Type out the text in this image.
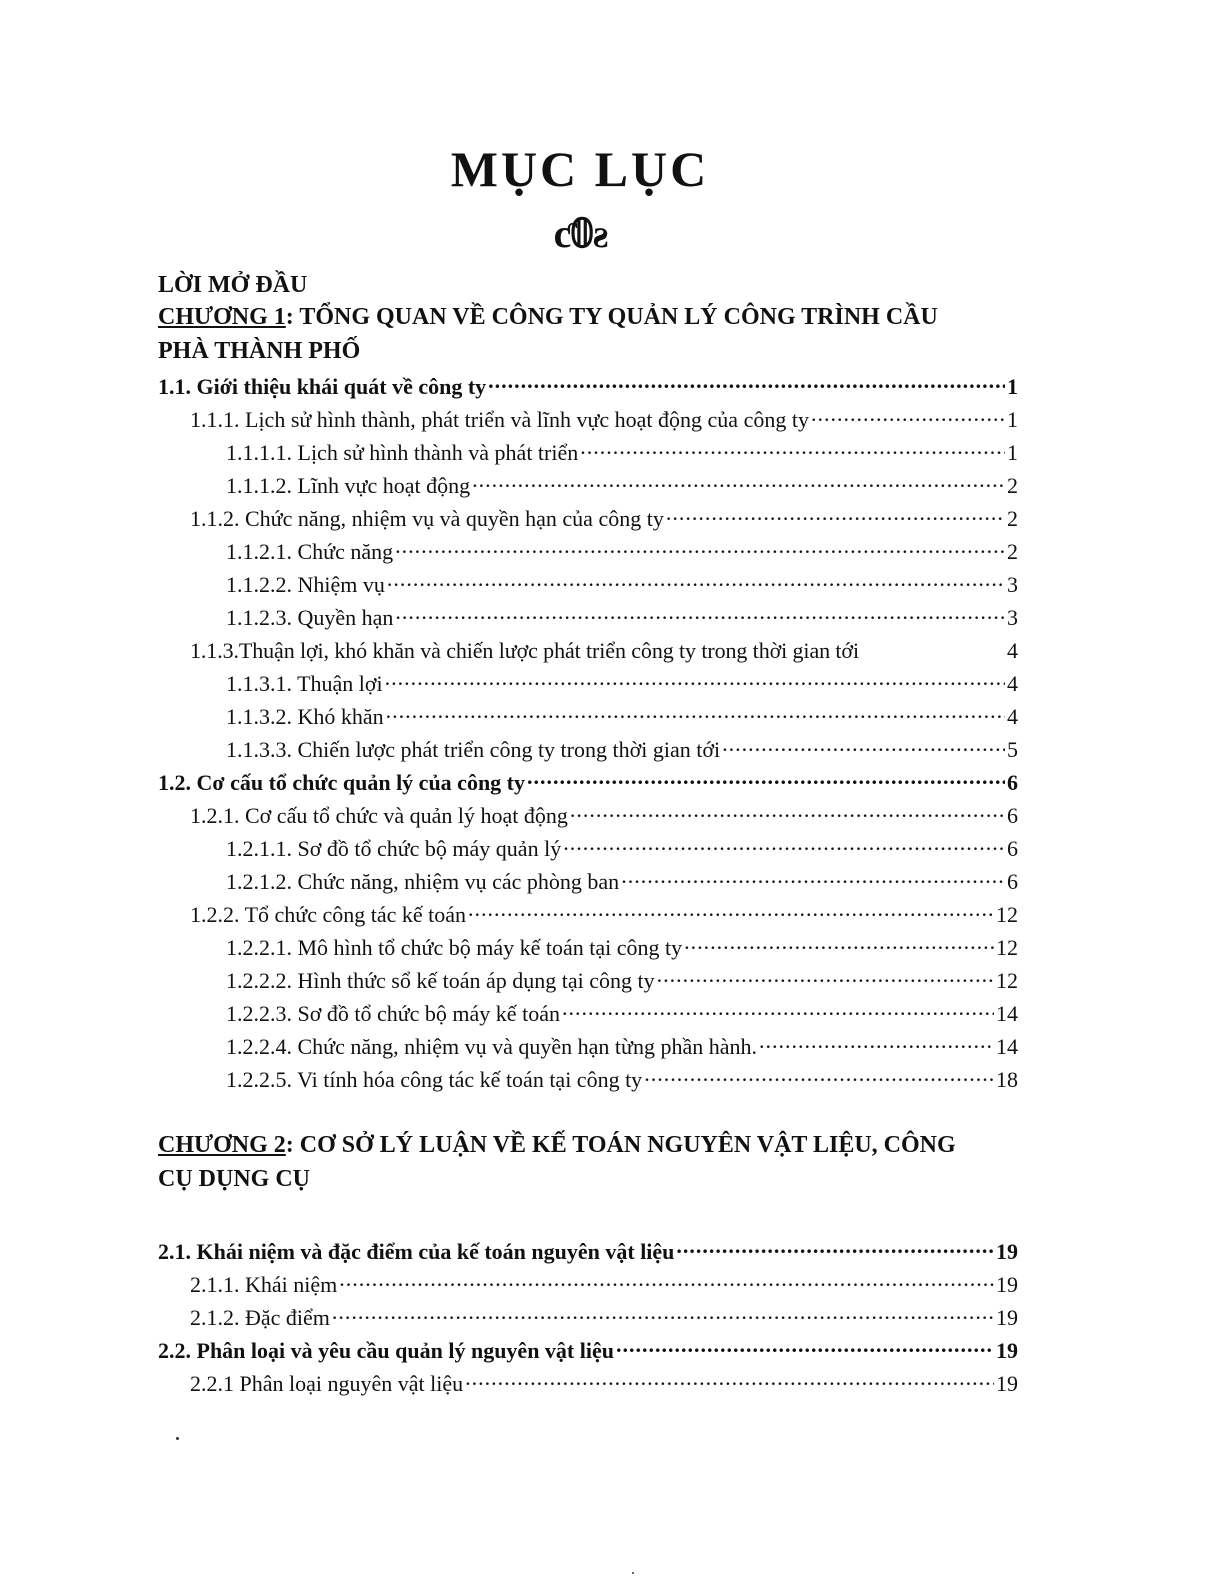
MỤC LỤC
ƈ𝟘ƨ
LỜI MỞ ĐẦU
CHƯƠNG 1: TỔNG QUAN VỀ CÔNG TY QUẢN LÝ CÔNG TRÌNH CẦU
PHÀ THÀNH PHỐ
1.1. Giới thiệu khái quát về công ty .....	1
1.1.1. Lịch sử hình thành, phát triển và lĩnh vực hoạt động của công ty .....	1
1.1.1.1. Lịch sử hình thành và phát triển .....	1
1.1.1.2. Lĩnh vực hoạt động .....	2
1.1.2. Chức năng, nhiệm vụ và quyền hạn của công ty .....	2
1.1.2.1. Chức năng .....	2
1.1.2.2. Nhiệm vụ .....	3
1.1.2.3. Quyền hạn .....	3
1.1.3.Thuận lợi, khó khăn và chiến lược phát triển công ty trong thời gian tới	4
1.1.3.1. Thuận lợi .....	4
1.1.3.2. Khó khăn .....	4
1.1.3.3. Chiến lược phát triển công ty trong thời gian tới .....	5
1.2. Cơ cấu tổ chức quản lý của công ty .....	6
1.2.1. Cơ cấu tổ chức và quản lý hoạt động .....	6
1.2.1.1. Sơ đồ tổ chức bộ máy quản lý .....	6
1.2.1.2. Chức năng, nhiệm vụ các phòng ban .....	6
1.2.2. Tổ chức công tác kế toán .....	12
1.2.2.1. Mô hình tổ chức bộ máy kế toán tại công ty .....	12
1.2.2.2. Hình thức sổ kế toán áp dụng tại công ty .....	12
1.2.2.3. Sơ đồ tổ chức bộ máy kế toán .....	14
1.2.2.4. Chức năng, nhiệm vụ và quyền hạn từng phần hành. .....	14
1.2.2.5. Vi tính hóa công tác kế toán tại công ty .....	18
CHƯƠNG 2: CƠ SỞ LÝ LUẬN VỀ KẾ TOÁN NGUYÊN VẬT LIỆU, CÔNG
CỤ DỤNG CỤ
2.1. Khái niệm và đặc điểm của kế toán nguyên vật liệu .....	19
2.1.1. Khái niệm .....	19
2.1.2. Đặc điểm .....	19
2.2. Phân loại và yêu cầu quản lý nguyên vật liệu .....	19
2.2.1 Phân loại nguyên vật liệu .....	19
